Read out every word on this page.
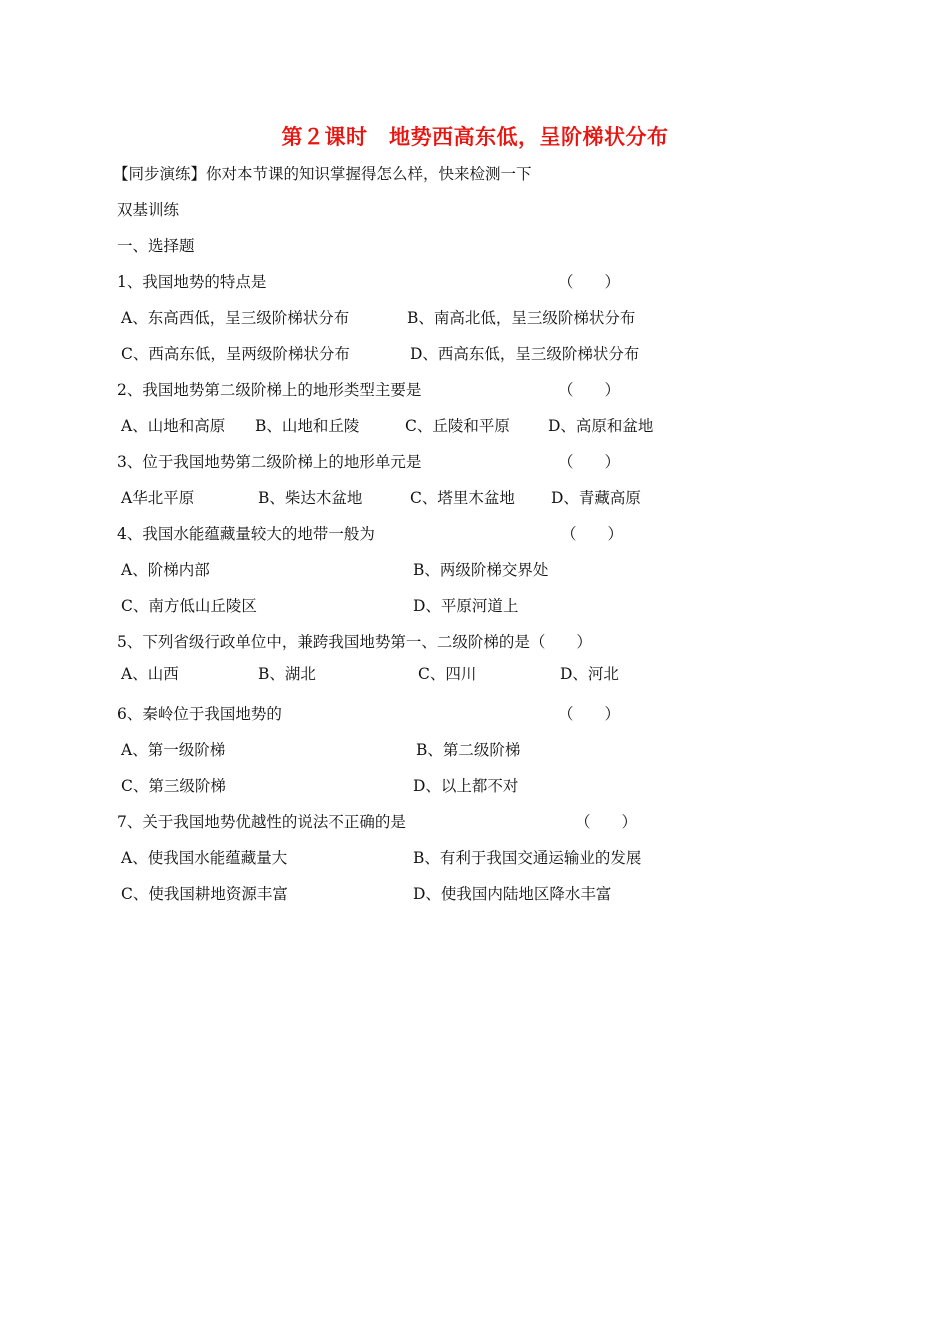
第２课时　地势西高东低，呈阶梯状分布
【同步演练】你对本节课的知识掌握得怎么样，快来检测一下
双基训练
一、选择题
1、我国地势的特点是	（　　）
A、东高西低，呈三级阶梯状分布	B、南高北低，呈三级阶梯状分布
C、西高东低，呈两级阶梯状分布	D、西高东低，呈三级阶梯状分布
2、我国地势第二级阶梯上的地形类型主要是	（　　）
A、山地和高原 B、山地和丘陵	C、丘陵和平原 D、高原和盆地
3、位于我国地势第二级阶梯上的地形单元是	（　　）
A华北平原	B、柴达木盆地	C、塔里木盆地 D、青藏高原
4、我国水能蕴藏量较大的地带一般为	（　　）
A、阶梯内部	B、两级阶梯交界处
C、南方低山丘陵区	D、平原河道上
5、下列省级行政单位中，兼跨我国地势第一、二级阶梯的是（　　）
A、山西	B、湖北	C、四川	D、河北
6、秦岭位于我国地势的	（　　）
A、第一级阶梯	B、第二级阶梯
C、第三级阶梯	D、以上都不对
7、关于我国地势优越性的说法不正确的是	（　　）
A、使我国水能蕴藏量大	B、有利于我国交通运输业的发展
C、使我国耕地资源丰富	D、使我国内陆地区降水丰富
